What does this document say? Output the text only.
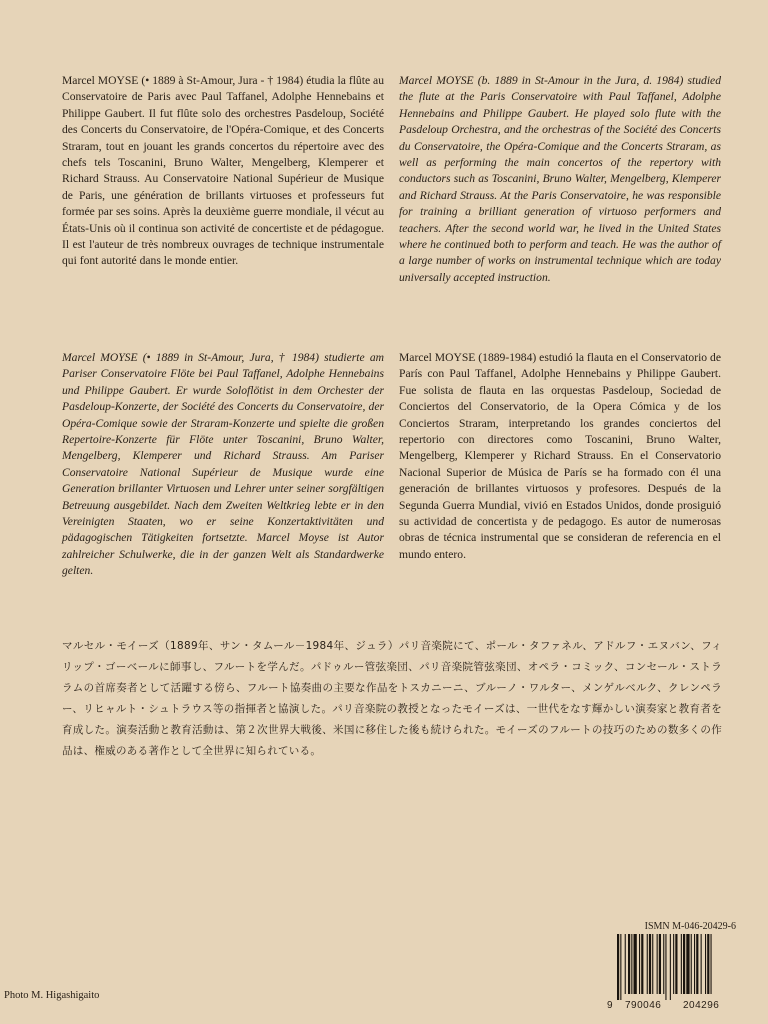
Marcel MOYSE (• 1889 à St-Amour, Jura - † 1984) étudia la flûte au Conservatoire de Paris avec Paul Taffanel, Adolphe Hennebains et Philippe Gaubert. Il fut flûte solo des orchestres Pasdeloup, Société des Concerts du Conservatoire, de l'Opéra-Comique, et des Concerts Straram, tout en jouant les grands concertos du répertoire avec des chefs tels Toscanini, Bruno Walter, Mengelberg, Klemperer et Richard Strauss. Au Conservatoire National Supérieur de Musique de Paris, une génération de brillants virtuoses et professeurs fut formée par ses soins. Après la deuxième guerre mondiale, il vécut au États-Unis où il continua son activité de concertiste et de pédagogue. Il est l'auteur de très nombreux ouvrages de technique instrumentale qui font autorité dans le monde entier.

Marcel MOYSE (b. 1889 in St-Amour in the Jura, d. 1984) studied the flute at the Paris Conservatoire with Paul Taffanel, Adolphe Hennebains and Philippe Gaubert. He played solo flute with the Pasdeloup Orchestra, and the orchestras of the Société des Concerts du Conservatoire, the Opéra-Comique and the Concerts Straram, as well as performing the main concertos of the repertory with conductors such as Toscanini, Bruno Walter, Mengelberg, Klemperer and Richard Strauss. At the Paris Conservatoire, he was responsible for training a brilliant generation of virtuoso performers and teachers. After the second world war, he lived in the United States where he continued both to perform and teach. He was the author of a large number of works on instrumental technique which are today universally accepted instruction.

Marcel MOYSE (• 1889 in St-Amour, Jura, † 1984) studierte am Pariser Conservatoire Flöte bei Paul Taffanel, Adolphe Hennebains und Philippe Gaubert. Er wurde Soloflötist in dem Orchester der Pasdeloup-Konzerte, der Société des Concerts du Conservatoire, der Opéra-Comique sowie der Straram-Konzerte und spielte die großen Repertoire-Konzerte für Flöte unter Toscanini, Bruno Walter, Mengelberg, Klemperer und Richard Strauss. Am Pariser Conservatoire National Supérieur de Musique wurde eine Generation brillanter Virtuosen und Lehrer unter seiner sorgfältigen Betreuung ausgebildet. Nach dem Zweiten Weltkrieg lebte er in den Vereinigten Staaten, wo er seine Konzertaktivitäten und pädagogischen Tätigkeiten fortsetzte. Marcel Moyse ist Autor zahlreicher Schulwerke, die in der ganzen Welt als Standardwerke gelten.

Marcel MOYSE (1889-1984) estudió la flauta en el Conservatorio de París con Paul Taffanel, Adolphe Hennebains y Philippe Gaubert. Fue solista de flauta en las orquestas Pasdeloup, Sociedad de Conciertos del Conservatorio, de la Opera Cómica y de los Conciertos Straram, interpretando los grandes conciertos del repertorio con directores como Toscanini, Bruno Walter, Mengelberg, Klemperer y Richard Strauss. En el Conservatorio Nacional Superior de Música de París se ha formado con él una generación de brillantes virtuosos y profesores. Después de la Segunda Guerra Mundial, vivió en Estados Unidos, donde prosiguió su actividad de concertista y de pedagogo. Es autor de numerosas obras de técnica instrumental que se consideran de referencia en el mundo entero.

マルセル・モイーズ（1889年、サン・タムール－1984年、ジュラ）パリ音楽院にて、ポール・タファネル、アドルフ・エヌバン、フィリップ・ゴーベールに師事し、フルートを学んだ。パドゥルー管弦楽団、パリ音楽院管弦楽団、オペラ・コミック、コンセール・ストララムの首席奏者として活躍する傍ら、フルート協奏曲の主要な作品をトスカニーニ、ブルーノ・ワルター、メンゲルベルク、クレンペラー、リヒャルト・シュトラウス等の指揮者と協演した。パリ音楽院の教授となったモイーズは、一世代をなす輝かしい演奏家と教育者を育成した。演奏活動と教育活動は、第２次世界大戦後、米国に移住した後も続けられた。モイーズのフルートの技巧のための数多くの作品は、権威のある著作として全世界に知られている。

ISMN M-046-20429-6
9 790046 204296
Photo M. Higashigaito
